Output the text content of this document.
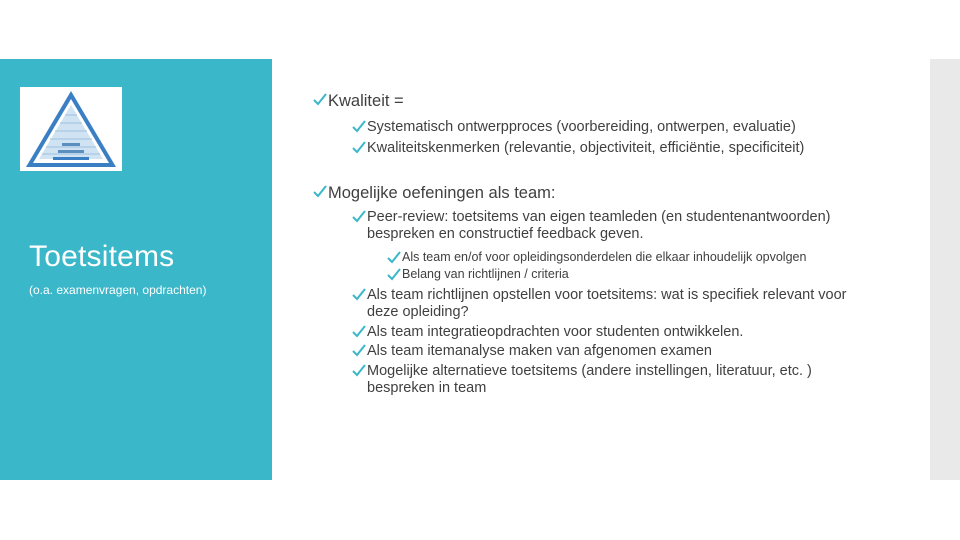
Toetsitems
(o.a. examenvragen, opdrachten)
Kwaliteit =
Systematisch ontwerpproces (voorbereiding, ontwerpen, evaluatie)
Kwaliteitskenmerken (relevantie, objectiviteit, efficiëntie, specificiteit)
Mogelijke oefeningen als team:
Peer-review: toetsitems van eigen teamleden (en studentenantwoorden) bespreken en constructief feedback geven.
Als team en/of voor opleidingsonderdelen die elkaar inhoudelijk opvolgen
Belang van richtlijnen / criteria
Als team richtlijnen opstellen voor toetsitems: wat is specifiek relevant voor deze opleiding?
Als team integratieopdrachten voor studenten ontwikkelen.
Als team itemanalyse maken van afgenomen examen
Mogelijke alternatieve toetsitems (andere instellingen, literatuur, etc. ) bespreken in team
